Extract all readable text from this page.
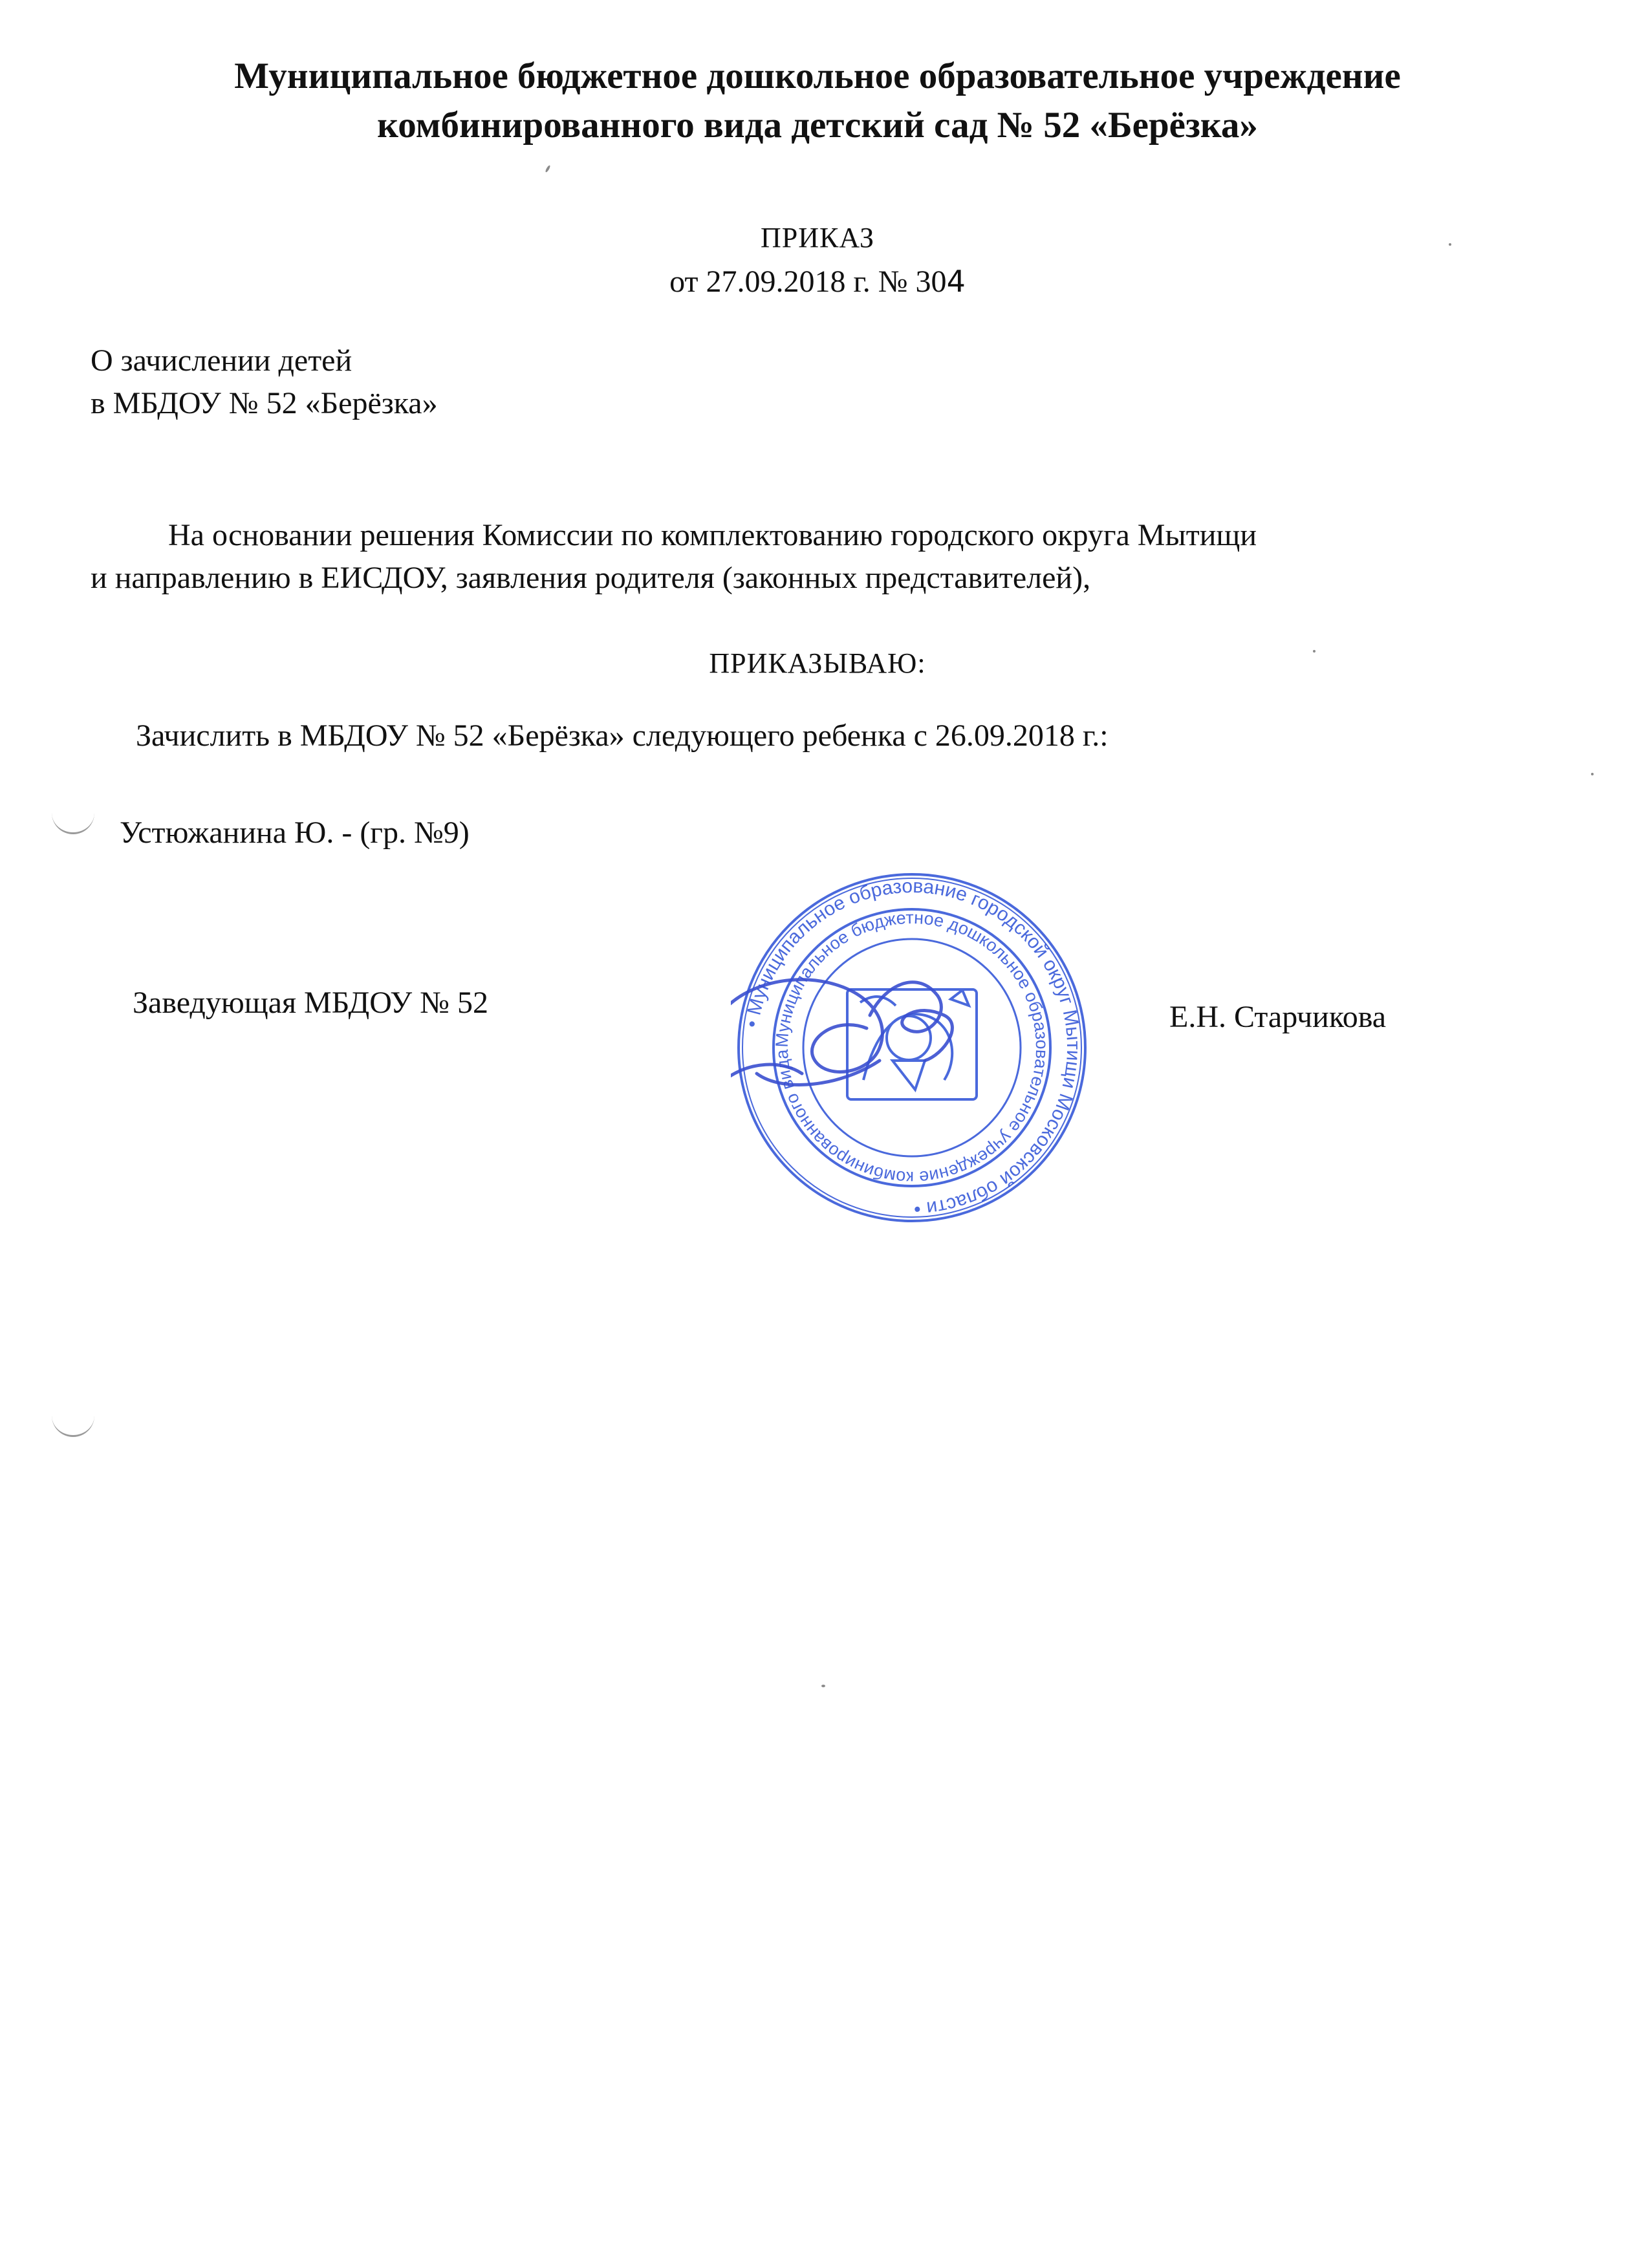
Муниципальное бюджетное дошкольное образовательное учреждение
комбинированного вида детский сад № 52 «Берёзка»
ПРИКАЗ
от 27.09.2018 г. № 304
О зачислении детей
в МБДОУ № 52 «Берёзка»
На основании решения Комиссии по комплектованию городского округа Мытищи
и направлению в ЕИСДОУ, заявления родителя (законных представителей),
ПРИКАЗЫВАЮ:
Зачислить в МБДОУ № 52 «Берёзка» следующего ребенка с 26.09.2018 г.:
Устюжанина Ю. - (гр. №9)
Заведующая МБДОУ № 52	Е.Н. Старчикова
• Муниципальное образование городской округ Мытищи Московской области •
Муниципальное бюджетное дошкольное образовательное учреждение комбинированного вида
